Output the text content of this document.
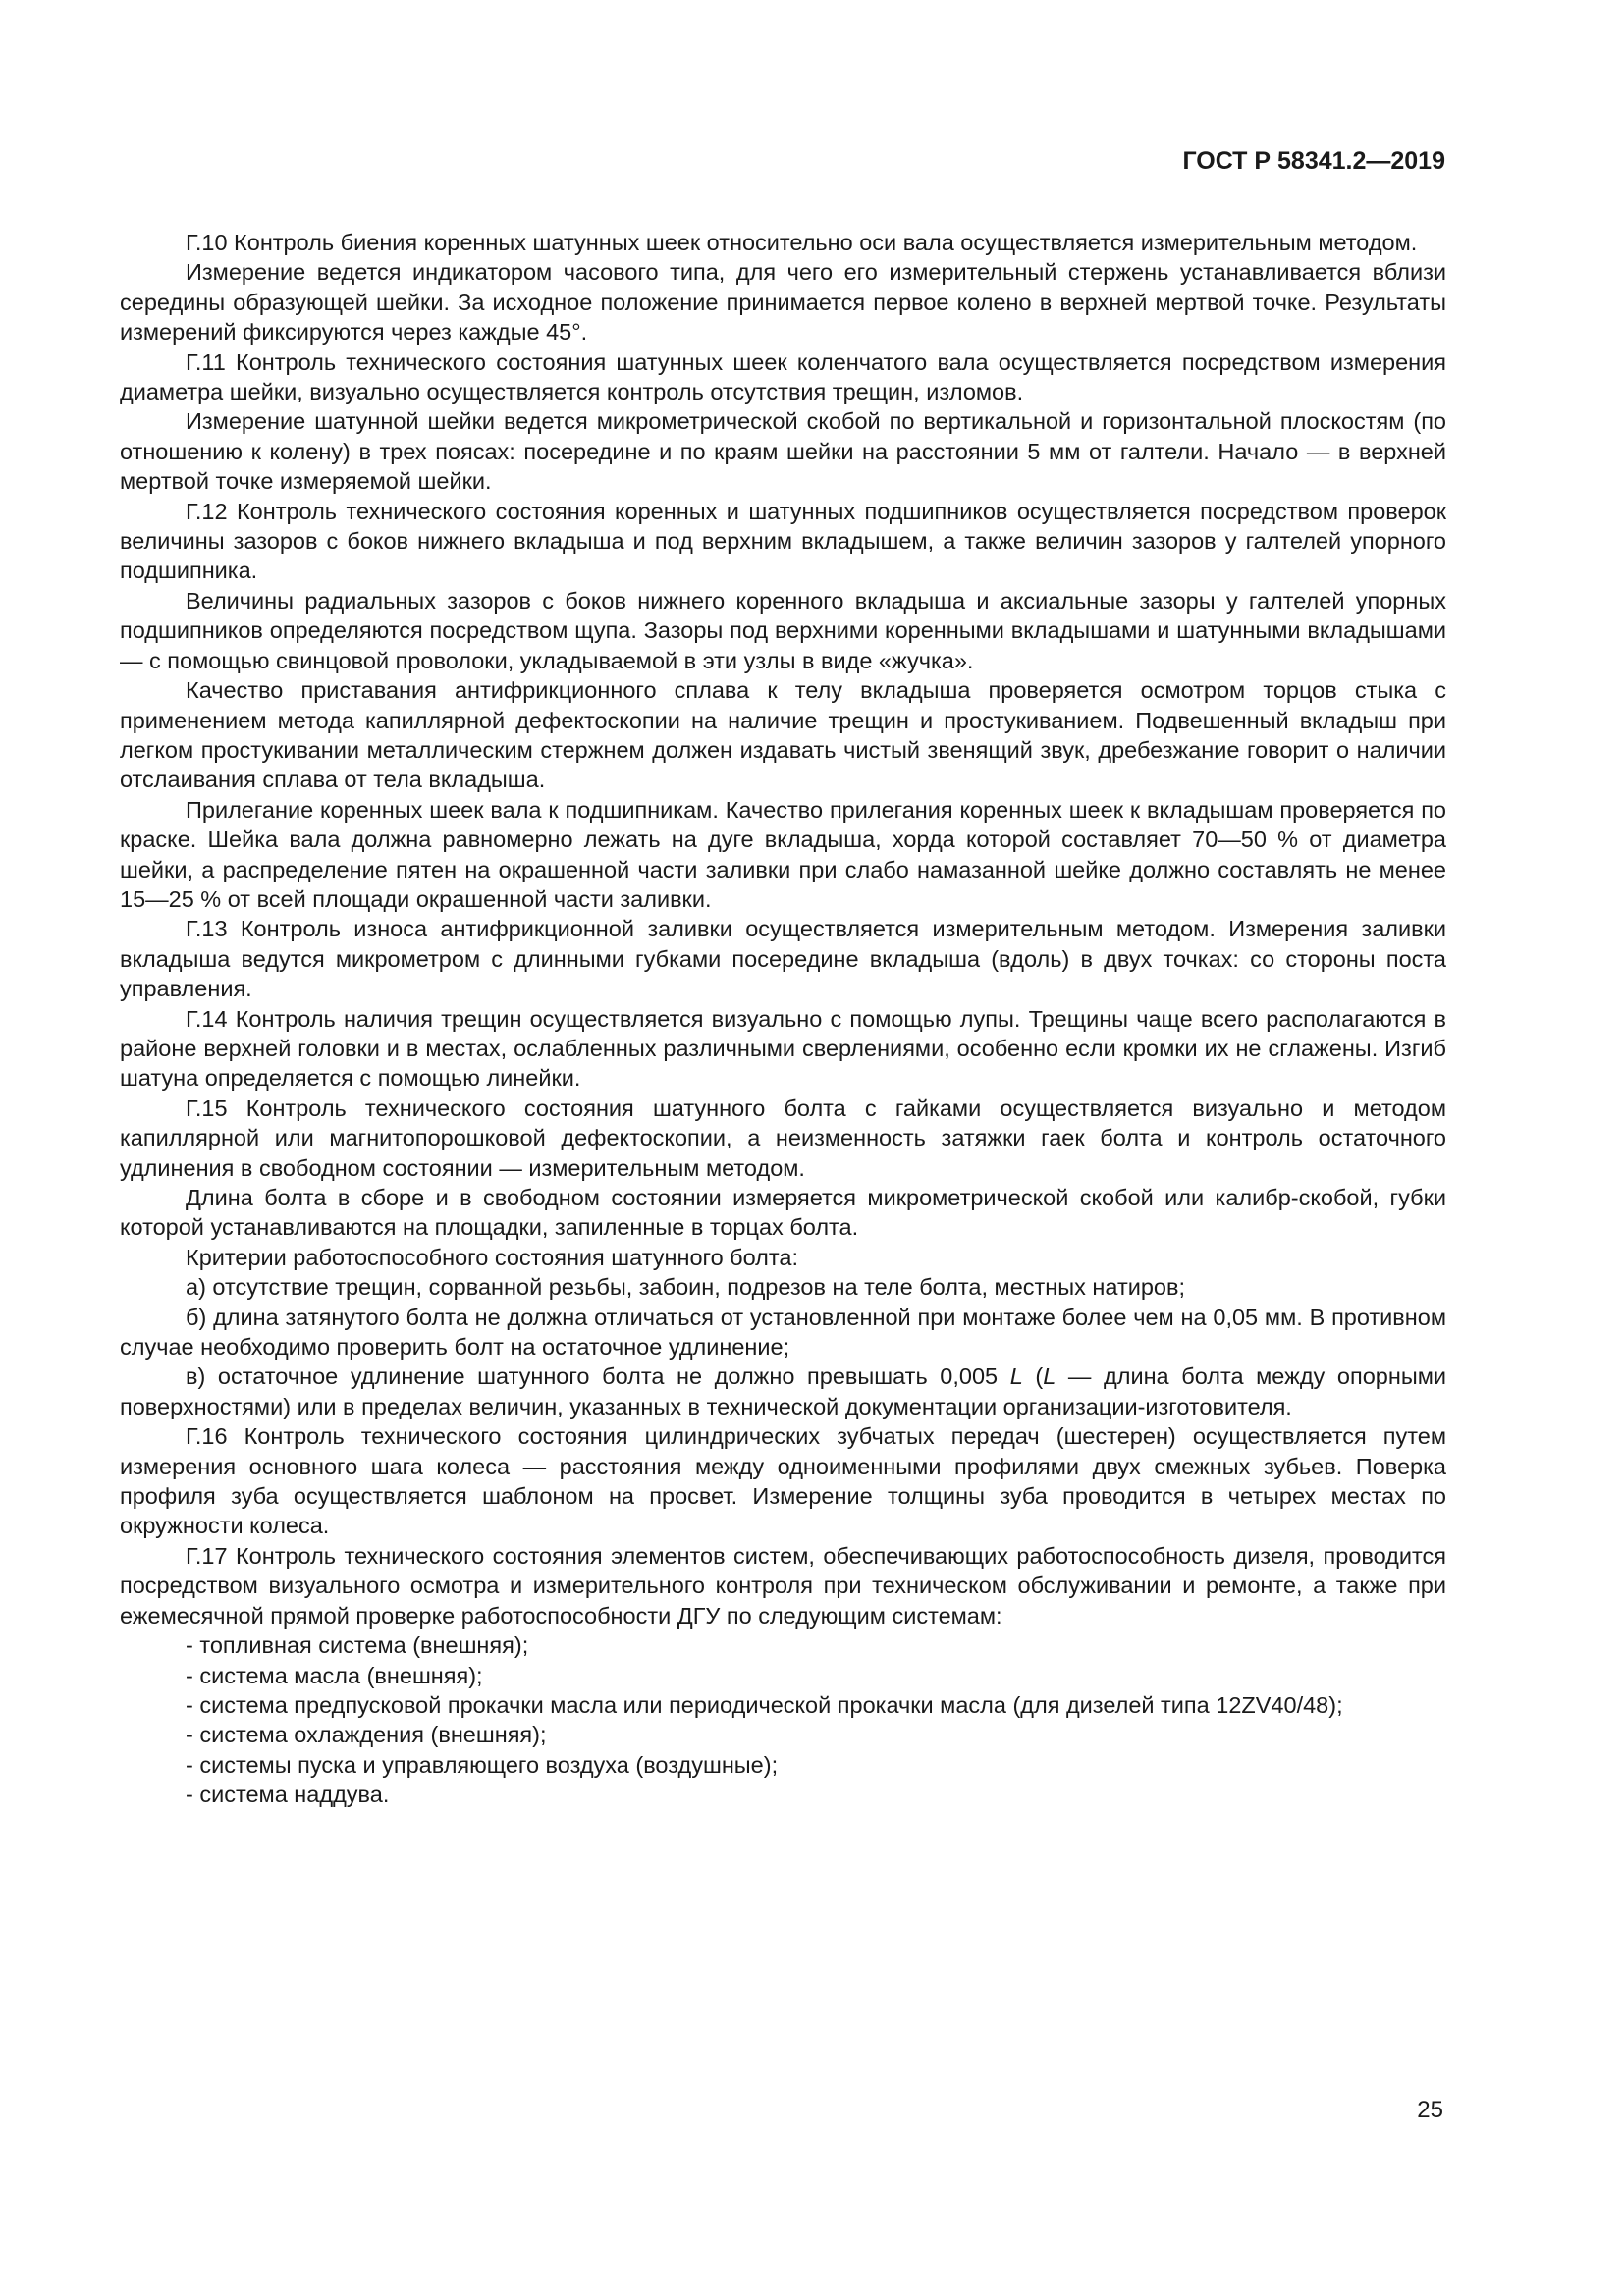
ГОСТ Р 58341.2—2019

Г.10 Контроль биения коренных шатунных шеек относительно оси вала осуществляется измерительным методом.

Измерение ведется индикатором часового типа, для чего его измерительный стержень устанавливается вблизи середины образующей шейки. За исходное положение принимается первое колено в верхней мертвой точке. Результаты измерений фиксируются через каждые 45°.

Г.11 Контроль технического состояния шатунных шеек коленчатого вала осуществляется посредством измерения диаметра шейки, визуально осуществляется контроль отсутствия трещин, изломов.

Измерение шатунной шейки ведется микрометрической скобой по вертикальной и горизонтальной плоскостям (по отношению к колену) в трех поясах: посередине и по краям шейки на расстоянии 5 мм от галтели. Начало — в верхней мертвой точке измеряемой шейки.

Г.12 Контроль технического состояния коренных и шатунных подшипников осуществляется посредством проверок величины зазоров с боков нижнего вкладыша и под верхним вкладышем, а также величин зазоров у галтелей упорного подшипника.

Величины радиальных зазоров с боков нижнего коренного вкладыша и аксиальные зазоры у галтелей упорных подшипников определяются посредством щупа. Зазоры под верхними коренными вкладышами и шатунными вкладышами — с помощью свинцовой проволоки, укладываемой в эти узлы в виде «жучка».

Качество приставания антифрикционного сплава к телу вкладыша проверяется осмотром торцов стыка с применением метода капиллярной дефектоскопии на наличие трещин и простукиванием. Подвешенный вкладыш при легком простукивании металлическим стержнем должен издавать чистый звенящий звук, дребезжание говорит о наличии отслаивания сплава от тела вкладыша.

Прилегание коренных шеек вала к подшипникам. Качество прилегания коренных шеек к вкладышам проверяется по краске. Шейка вала должна равномерно лежать на дуге вкладыша, хорда которой составляет 70—50 % от диаметра шейки, а распределение пятен на окрашенной части заливки при слабо намазанной шейке должно составлять не менее 15—25 % от всей площади окрашенной части заливки.

Г.13 Контроль износа антифрикционной заливки осуществляется измерительным методом. Измерения заливки вкладыша ведутся микрометром с длинными губками посередине вкладыша (вдоль) в двух точках: со стороны поста управления.

Г.14 Контроль наличия трещин осуществляется визуально с помощью лупы. Трещины чаще всего располагаются в районе верхней головки и в местах, ослабленных различными сверлениями, особенно если кромки их не сглажены. Изгиб шатуна определяется с помощью линейки.

Г.15 Контроль технического состояния шатунного болта с гайками осуществляется визуально и методом капиллярной или магнитопорошковой дефектоскопии, а неизменность затяжки гаек болта и контроль остаточного удлинения в свободном состоянии — измерительным методом.

Длина болта в сборе и в свободном состоянии измеряется микрометрической скобой или калибр-скобой, губки которой устанавливаются на площадки, запиленные в торцах болта.

Критерии работоспособного состояния шатунного болта:

а) отсутствие трещин, сорванной резьбы, забоин, подрезов на теле болта, местных натиров;

б) длина затянутого болта не должна отличаться от установленной при монтаже более чем на 0,05 мм. В противном случае необходимо проверить болт на остаточное удлинение;

в) остаточное удлинение шатунного болта не должно превышать 0,005 L (L — длина болта между опорными поверхностями) или в пределах величин, указанных в технической документации организации-изготовителя.

Г.16 Контроль технического состояния цилиндрических зубчатых передач (шестерен) осуществляется путем измерения основного шага колеса — расстояния между одноименными профилями двух смежных зубьев. Поверка профиля зуба осуществляется шаблоном на просвет. Измерение толщины зуба проводится в четырех местах по окружности колеса.

Г.17 Контроль технического состояния элементов систем, обеспечивающих работоспособность дизеля, проводится посредством визуального осмотра и измерительного контроля при техническом обслуживании и ремонте, а также при ежемесячной прямой проверке работоспособности ДГУ по следующим системам:

- топливная система (внешняя);
- система масла (внешняя);
- система предпусковой прокачки масла или периодической прокачки масла (для дизелей типа 12ZV40/48);
- система охлаждения (внешняя);
- системы пуска и управляющего воздуха (воздушные);
- система наддува.
25
